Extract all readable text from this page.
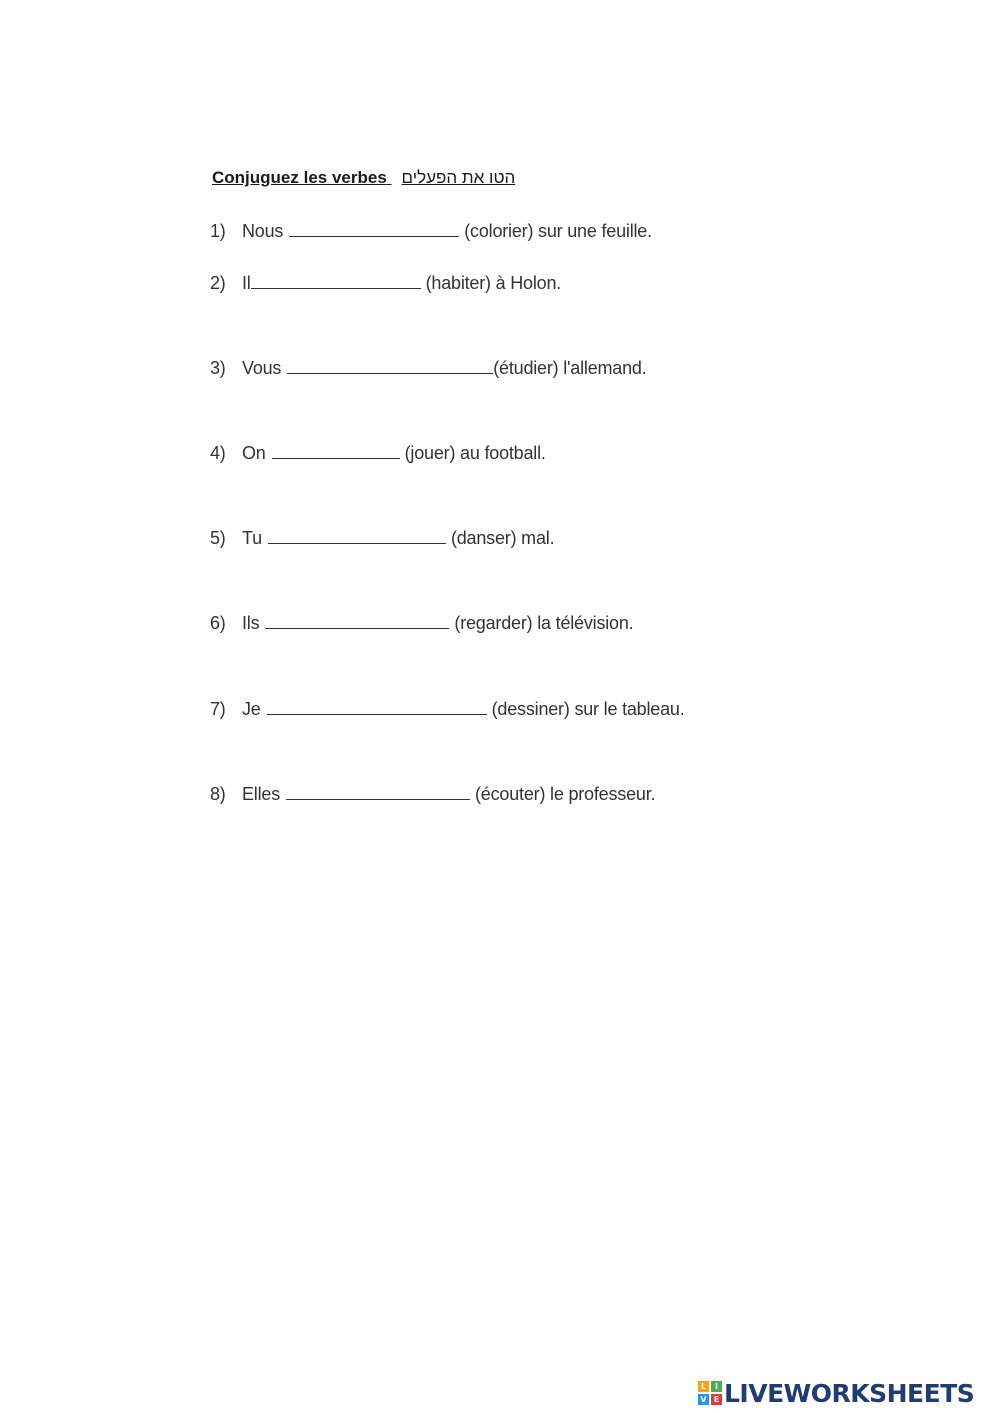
Conjuguez les verbes הטו את הפעלים
1) Nous	(colorier) sur une feuille.
2) Il	(habiter) à Holon.
3) Vous	(étudier) l'allemand.
4) On	(jouer) au football.
5) Tu	(danser) mal.
6) Ils	(regarder) la télévision.
7) Je	(dessiner) sur le tableau.
8) Elles	(écouter) le professeur.
L	I
V E LIVEWORKSHEETS
